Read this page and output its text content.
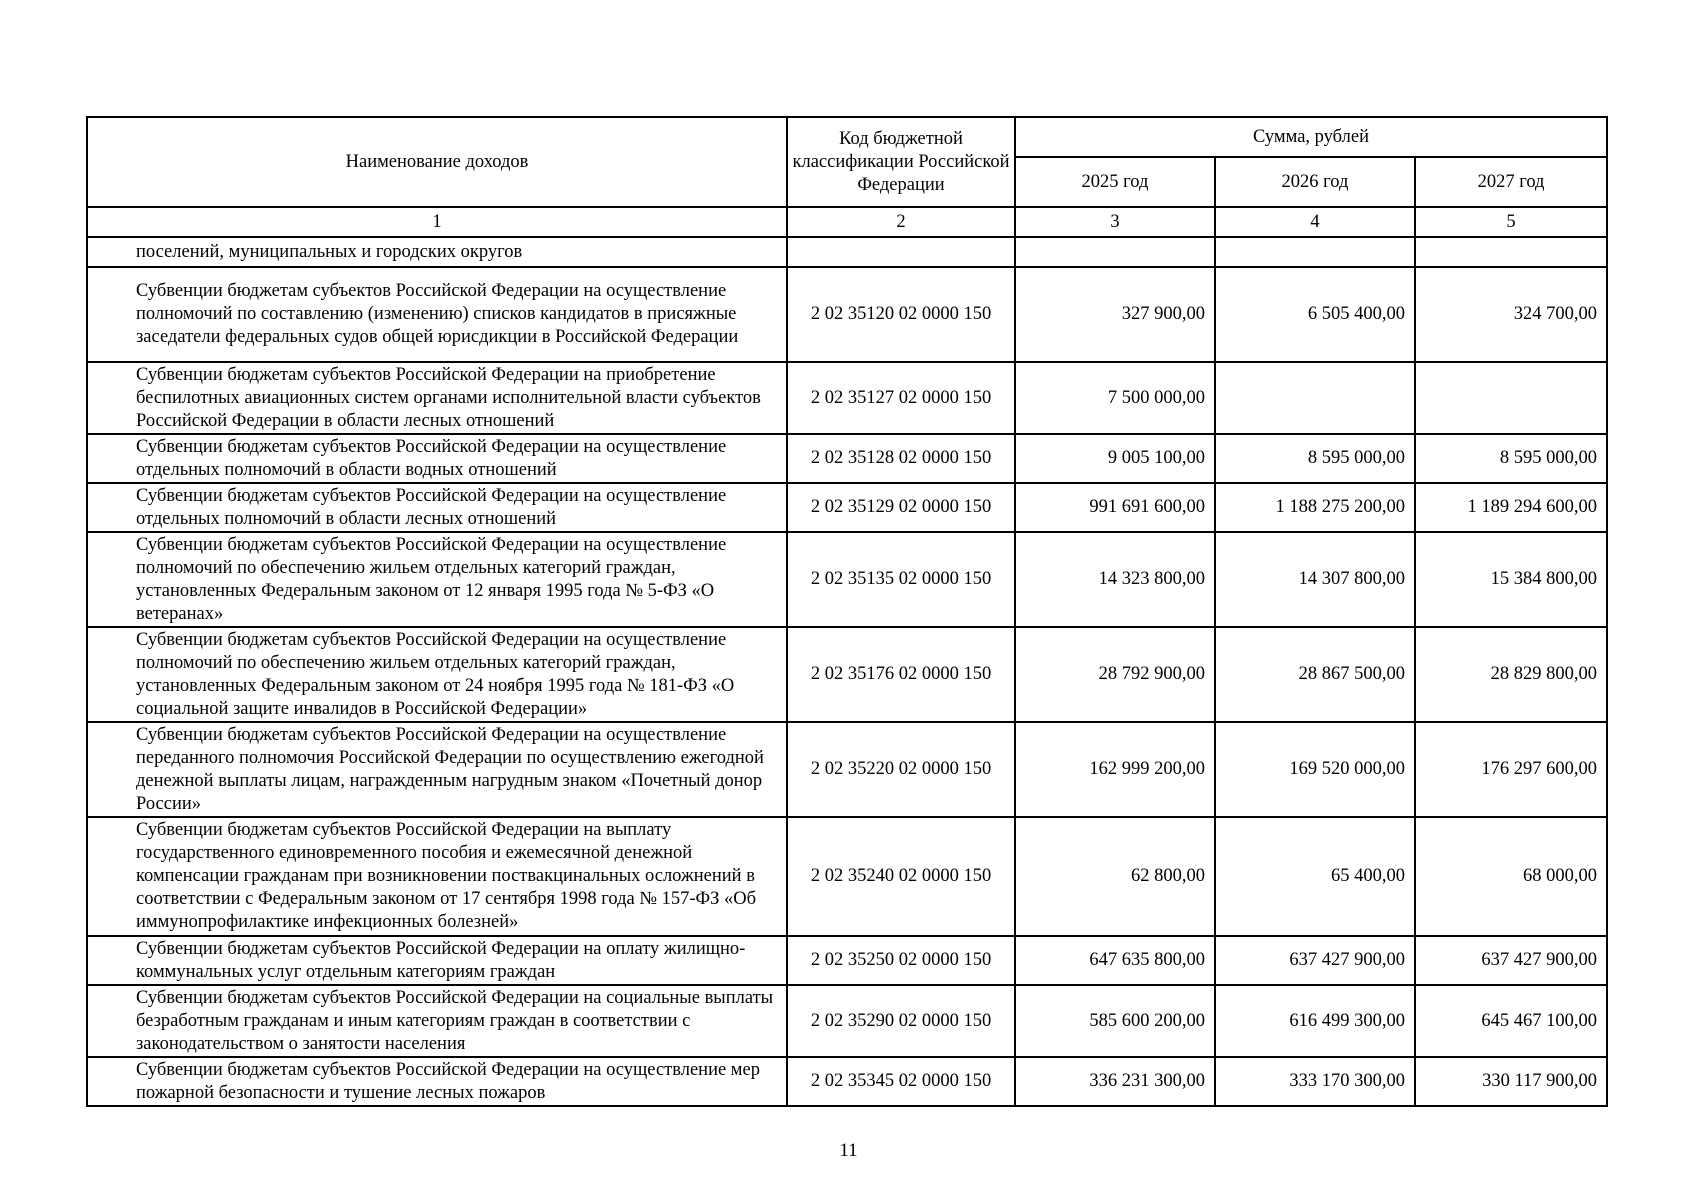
Наименование доходов	Код бюджетной классификации Российской Федерации	Сумма, рублей		
		2025 год	2026 год	2027 год
1	2	3	4	5
поселений, муниципальных и городских округов				
Субвенции бюджетам субъектов Российской Федерации на осуществление полномочий по составлению (изменению) списков кандидатов в присяжные заседатели федеральных судов общей юрисдикции в Российской Федерации	2 02 35120 02 0000 150	327 900,00	6 505 400,00	324 700,00
Субвенции бюджетам субъектов Российской Федерации на приобретение беспилотных авиационных систем органами исполнительной власти субъектов Российской Федерации в области лесных отношений	2 02 35127 02 0000 150	7 500 000,00		
Субвенции бюджетам субъектов Российской Федерации на осуществление отдельных полномочий в области водных отношений	2 02 35128 02 0000 150	9 005 100,00	8 595 000,00	8 595 000,00
Субвенции бюджетам субъектов Российской Федерации на осуществление отдельных полномочий в области лесных отношений	2 02 35129 02 0000 150	991 691 600,00	1 188 275 200,00	1 189 294 600,00
Субвенции бюджетам субъектов Российской Федерации на осуществление полномочий по обеспечению жильем отдельных категорий граждан, установленных Федеральным законом от 12 января 1995 года № 5-ФЗ «О ветеранах»	2 02 35135 02 0000 150	14 323 800,00	14 307 800,00	15 384 800,00
Субвенции бюджетам субъектов Российской Федерации на осуществление полномочий по обеспечению жильем отдельных категорий граждан, установленных Федеральным законом от 24 ноября 1995 года № 181-ФЗ «О социальной защите инвалидов в Российской Федерации»	2 02 35176 02 0000 150	28 792 900,00	28 867 500,00	28 829 800,00
Субвенции бюджетам субъектов Российской Федерации на осуществление переданного полномочия Российской Федерации по осуществлению ежегодной денежной выплаты лицам, награжденным нагрудным знаком «Почетный донор России»	2 02 35220 02 0000 150	162 999 200,00	169 520 000,00	176 297 600,00
Субвенции бюджетам субъектов Российской Федерации на выплату государственного единовременного пособия и ежемесячной денежной компенсации гражданам при возникновении поствакцинальных осложнений в соответствии с Федеральным законом от 17 сентября 1998 года № 157-ФЗ «Об иммунопрофилактике инфекционных болезней»	2 02 35240 02 0000 150	62 800,00	65 400,00	68 000,00
Субвенции бюджетам субъектов Российской Федерации на оплату жилищно-коммунальных услуг отдельным категориям граждан	2 02 35250 02 0000 150	647 635 800,00	637 427 900,00	637 427 900,00
Субвенции бюджетам субъектов Российской Федерации на социальные выплаты безработным гражданам и иным категориям граждан в соответствии с законодательством о занятости населения	2 02 35290 02 0000 150	585 600 200,00	616 499 300,00	645 467 100,00
Субвенции бюджетам субъектов Российской Федерации на осуществление мер пожарной безопасности и тушение лесных пожаров	2 02 35345 02 0000 150	336 231 300,00	333 170 300,00	330 117 900,00
11
